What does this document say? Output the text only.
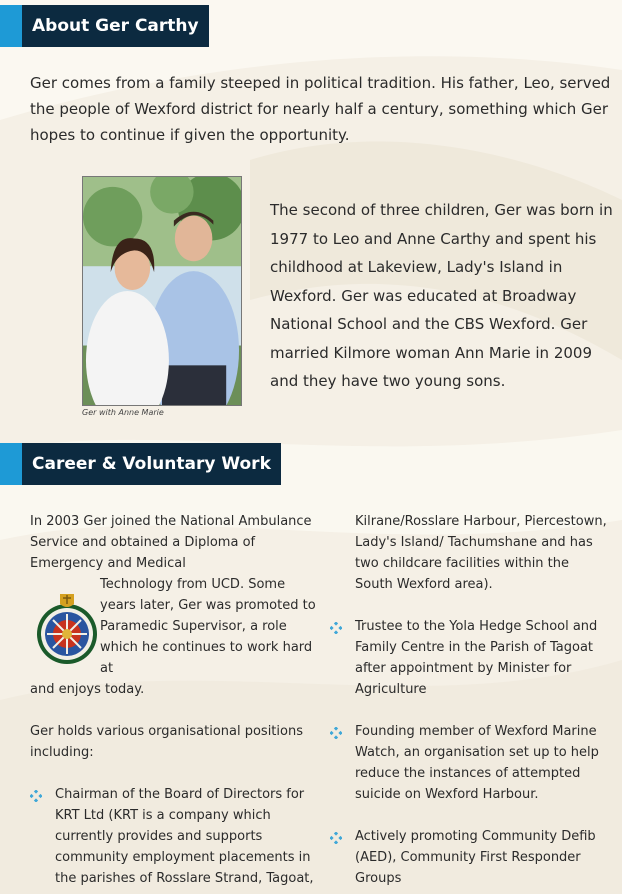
About Ger Carthy
Ger comes from a family steeped in political tradition. His father, Leo, served the people of Wexford district for nearly half a century, something which Ger hopes to continue if given the opportunity.
Ger with Anne Marie
The second of three children, Ger was born in 1977 to Leo and Anne Carthy and spent his childhood at Lakeview, Lady's Island in Wexford. Ger was educated at Broadway National School and the CBS Wexford. Ger married Kilmore woman Ann Marie in 2009 and they have two young sons.
Career & Voluntary Work

In 2003 Ger joined the National Ambulance Service and obtained a Diploma of Emergency and Medical

Technology from UCD. Some years later, Ger was promoted to Paramedic Supervisor, a role which he continues to work hard at

and enjoys today.

Ger holds various organisational positions including:

Chairman of the Board of Directors for KRT Ltd (KRT is a company which currently provides and supports community employment placements in the parishes of Rosslare Strand, Tagoat,

Kilrane/Rosslare Harbour, Piercestown, Lady's Island/ Tachumshane and has two childcare facilities within the South Wexford area).

Trustee to the Yola Hedge School and Family Centre in the Parish of Tagoat after appointment by Minister for Agriculture
Founding member of Wexford Marine Watch, an organisation set up to help reduce the instances of attempted suicide on Wexford Harbour.
Actively promoting Community Defib (AED), Community First Responder Groups
